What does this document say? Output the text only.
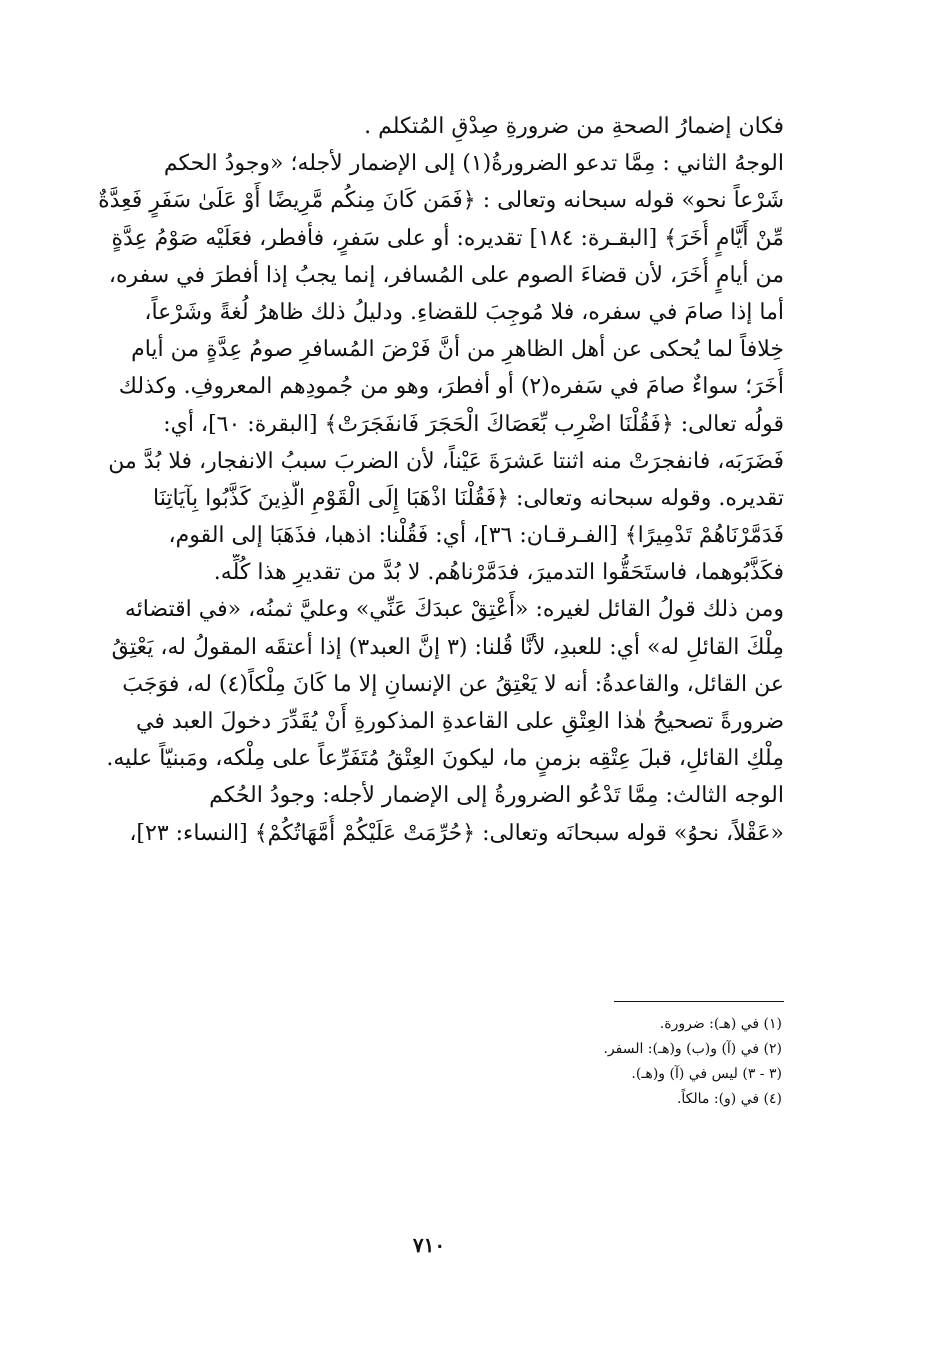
فكان إضمارُ الصحةِ من ضرورةِ صِدْقِ المُتكلم .
الوجهُ الثاني : مِمَّا تدعو الضرورةُ(١) إلى الإضمار لأجله؛ «وجودُ الحكم
شَرْعاً نحو» قوله سبحانه وتعالى : ﴿فَمَن كَانَ مِنكُم مَّرِيضًا أَوْ عَلَىٰ سَفَرٍ فَعِدَّةٌ
مِّنْ أَيَّامٍ أُخَرَ﴾ [البقـرة: ١٨٤] تقديره: أو على سَفرٍ، فأفطر، فعَلَيْه صَوْمُ عِدَّةٍ
من أيامٍ أُخَرَ، لأن قضاءَ الصوم على المُسافر، إنما يجبُ إذا أفطرَ في سفره،
أما إذا صامَ في سفره، فلا مُوجِبَ للقضاءِ. ودليلُ ذلك ظاهرُ لُغةً وشَرْعاً،
خِلافاً لما يُحكى عن أهل الظاهرِ من أنَّ فَرْضَ المُسافرِ صومُ عِدَّةٍ من أيام
أُخَرَ؛ سواءٌ صامَ في سَفره(٢) أو أفطرَ، وهو من جُمودِهم المعروفِ. وكذلك
قولُه تعالى: ﴿فَقُلْنَا اضْرِب بِّعَصَاكَ الْحَجَرَ فَانفَجَرَتْ﴾ [البقرة: ٦٠]، أي:
فَضَرَبَه، فانفجرَتْ منه اثنتا عَشرَةَ عَيْناً، لأن الضربَ سببُ الانفجار، فلا بُدَّ من
تقديره. وقوله سبحانه وتعالى: ﴿فَقُلْنَا اذْهَبَا إِلَى الْقَوْمِ الَّذِينَ كَذَّبُوا بِآيَاتِنَا
فَدَمَّرْنَاهُمْ تَدْمِيرًا﴾ [الفـرقـان: ٣٦]، أي: فَقُلْنا: اذهبا، فذَهَبَا إلى القوم،
فكَذَّبُوهما، فاستَحَقُّوا التدميرَ، فدَمَّرْناهُم. لا بُدَّ من تقديرِ هذا كُلِّه.
ومن ذلك قولُ القائل لغيره: «أَعْتِقْ عبدَكَ عَنِّي» وعليَّ ثمنُه، «في اقتضائه
مِلْكَ القائلِ له» أي: للعبدِ، لأنَّا قُلنا: (٣ إنَّ العبد٣) إذا أعتقَه المقولُ له، يَعْتِقُ
عن القائل، والقاعدةُ: أنه لا يَعْتِقُ عن الإنسانِ إلا ما كَانَ مِلْكاً(٤) له، فوَجَبَ
ضرورةً تصحيحُ هٰذا العِتْقِ على القاعدةِ المذكورةِ أَنْ يُقَدِّرَ دخولَ العبد في
مِلْكِ القائلِ، قبلَ عِتْقِه بزمنٍ ما، ليكونَ العِتْقُ مُتَفَرِّعاً على مِلْكه، ومَبنيّاً عليه.
الوجه الثالث: مِمَّا تَدْعُو الضرورةُ إلى الإضمار لأجله: وجودُ الحُكم
«عَقْلاً، نحوُ» قوله سبحانَه وتعالى: ﴿حُرِّمَتْ عَلَيْكُمْ أُمَّهَاتُكُمْ﴾ [النساء: ٢٣]،
(١) في (هـ): ضرورة.
(٢) في (آ) و(ب) و(هـ): السفر.
(٣ - ٣) ليس في (آ) و(هـ).
(٤) في (و): مالكاً.
٧١٠
